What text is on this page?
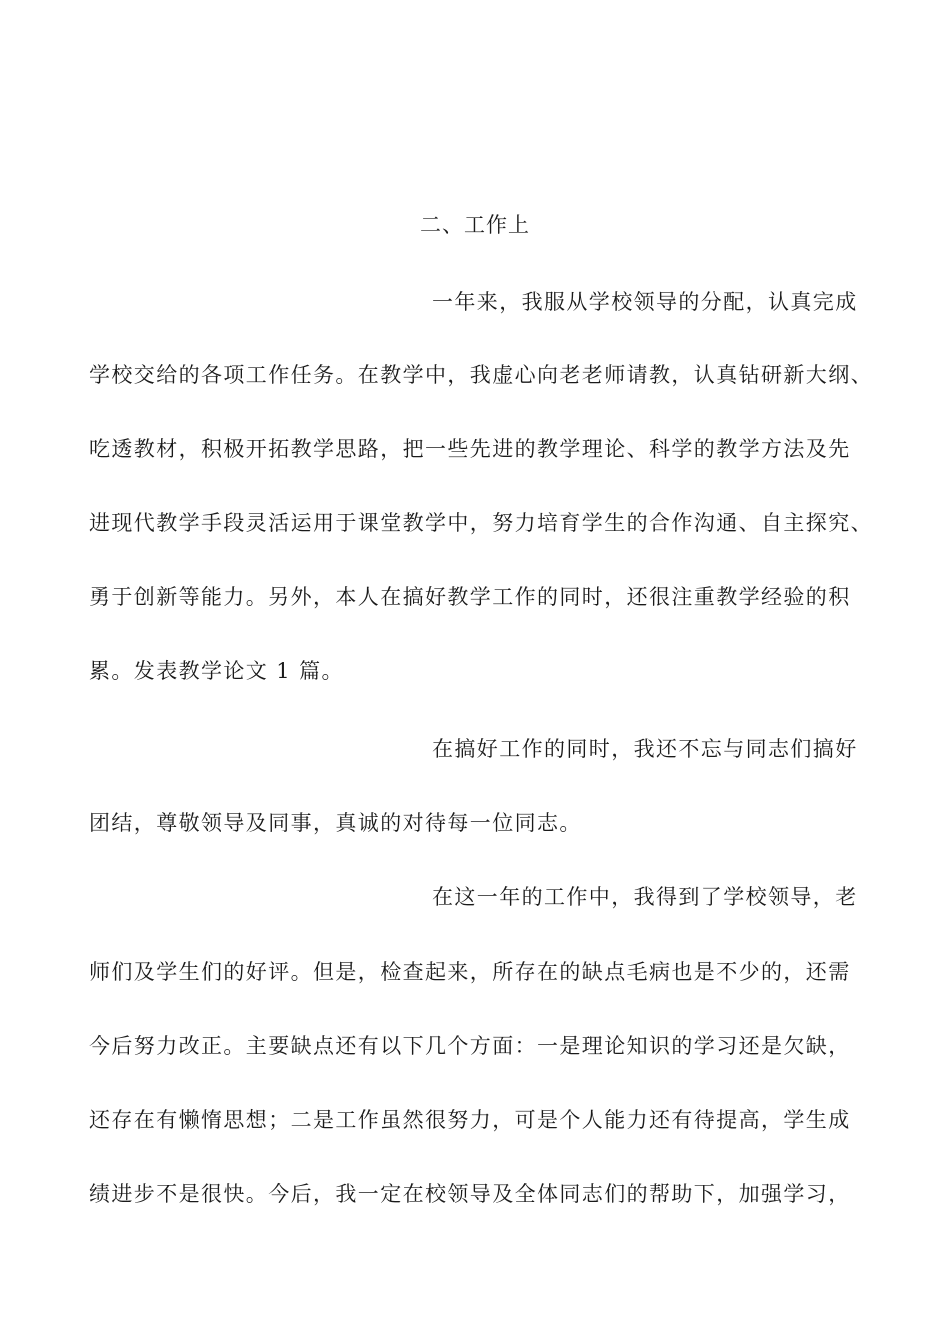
二、工作上
一年来，我服从学校领导的分配，认真完成
学校交给的各项工作任务。在教学中，我虚心向老老师请教，认真钻研新大纲、
吃透教材，积极开拓教学思路，把一些先进的教学理论、科学的教学方法及先
进现代教学手段灵活运用于课堂教学中，努力培育学生的合作沟通、自主探究、
勇于创新等能力。另外，本人在搞好教学工作的同时，还很注重教学经验的积
累。发表教学论文 1 篇。
在搞好工作的同时，我还不忘与同志们搞好
团结，尊敬领导及同事，真诚的对待每一位同志。
在这一年的工作中，我得到了学校领导，老
师们及学生们的好评。但是，检查起来，所存在的缺点毛病也是不少的，还需
今后努力改正。主要缺点还有以下几个方面：一是理论知识的学习还是欠缺，
还存在有懒惰思想；二是工作虽然很努力，可是个人能力还有待提高，学生成
绩进步不是很快。今后，我一定在校领导及全体同志们的帮助下，加强学习，
